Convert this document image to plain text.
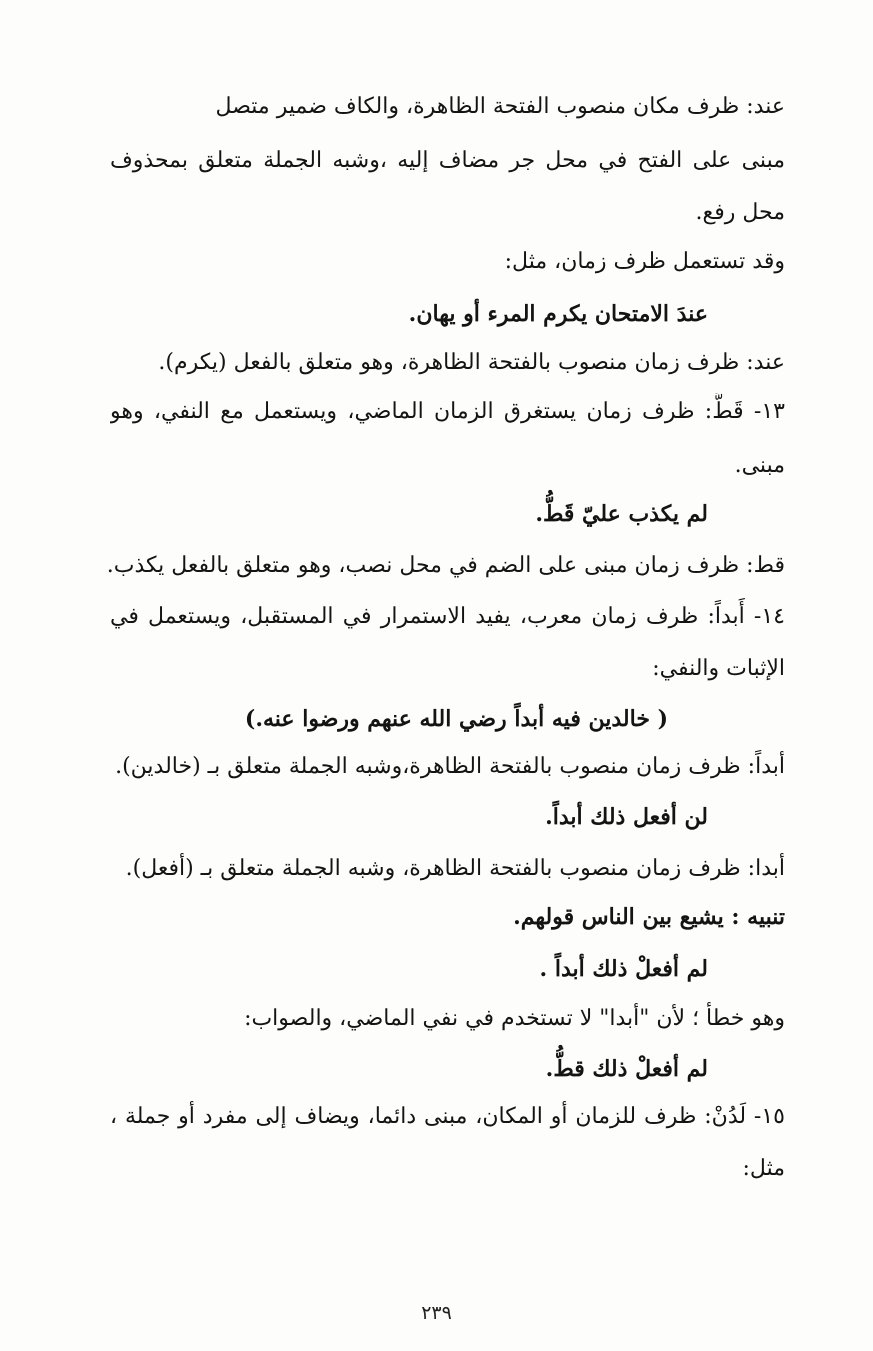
عند: ظرف مكان منصوب الفتحة الظاهرة، والكاف ضمير متصل
مبنى على الفتح في محل جر مضاف إليه ،وشبه الجملة متعلق بمحذوف
محل رفع.
وقد تستعمل ظرف زمان، مثل:
عندَ الامتحان يكرم المرء أو يهان.
عند: ظرف زمان منصوب بالفتحة الظاهرة، وهو متعلق بالفعل (يكرم).
١٣- قَطُّ: ظرف زمان يستغرق الزمان الماضي، ويستعمل مع النفي، وهو
مبنى.
لم يكذب عليّ قَطُّ.
قط: ظرف زمان مبنى على الضم في محل نصب، وهو متعلق بالفعل يكذب.
١٤- أَبداً: ظرف زمان معرب، يفيد الاستمرار في المستقبل، ويستعمل في
الإثبات والنفي:
( خالدين فيه أبداً رضي الله عنهم ورضوا عنه.)
أبداً: ظرف زمان منصوب بالفتحة الظاهرة،وشبه الجملة متعلق بـ (خالدين).
لن أفعل ذلك أبداً.
أبدا: ظرف زمان منصوب بالفتحة الظاهرة، وشبه الجملة متعلق بـ (أفعل).
تنبيه : يشيع بين الناس قولهم.
لم أفعلْ ذلك أبداً .
وهو خطأ ؛ لأن "أبدا" لا تستخدم في نفي الماضي، والصواب:
لم أفعلْ ذلك قطُّ.
١٥- لَدُنْ: ظرف للزمان أو المكان، مبنى دائما، ويضاف إلى مفرد أو جملة ،
مثل:
٢٣٩
